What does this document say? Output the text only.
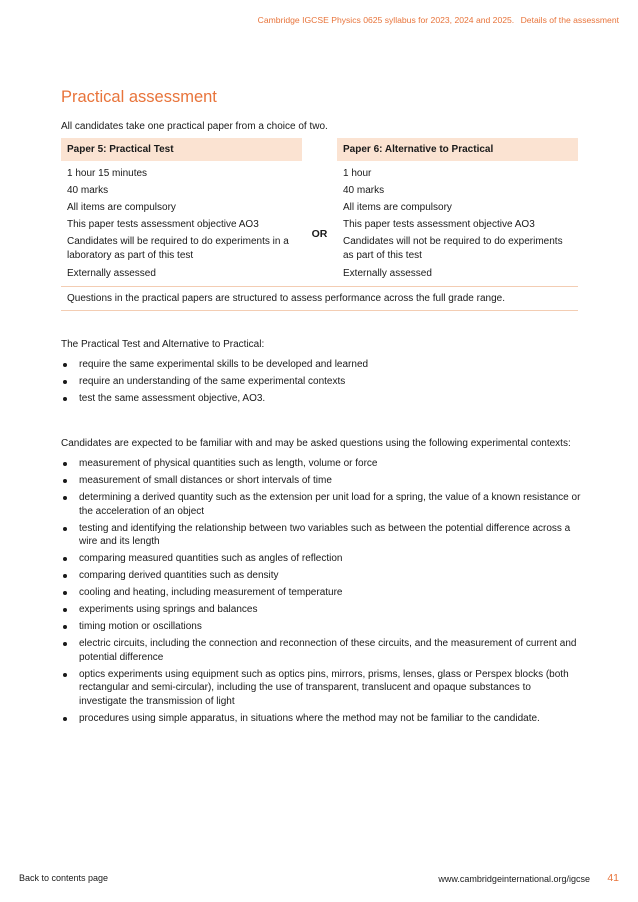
Cambridge IGCSE Physics 0625 syllabus for 2023, 2024 and 2025. Details of the assessment
Practical assessment
All candidates take one practical paper from a choice of two.
Paper 5: Practical Test	Paper 6: Alternative to Practical
1 hour 15 minutes
40 marks
All items are compulsory
This paper tests assessment objective AO3
Candidates will be required to do experiments in a laboratory as part of this test
Externally assessed
OR
1 hour
40 marks
All items are compulsory
This paper tests assessment objective AO3
Candidates will not be required to do experiments as part of this test
Externally assessed
Questions in the practical papers are structured to assess performance across the full grade range.
The Practical Test and Alternative to Practical:
require the same experimental skills to be developed and learned
require an understanding of the same experimental contexts
test the same assessment objective, AO3.
Candidates are expected to be familiar with and may be asked questions using the following experimental contexts:
measurement of physical quantities such as length, volume or force
measurement of small distances or short intervals of time
determining a derived quantity such as the extension per unit load for a spring, the value of a known resistance or the acceleration of an object
testing and identifying the relationship between two variables such as between the potential difference across a wire and its length
comparing measured quantities such as angles of reflection
comparing derived quantities such as density
cooling and heating, including measurement of temperature
experiments using springs and balances
timing motion or oscillations
electric circuits, including the connection and reconnection of these circuits, and the measurement of current and potential difference
optics experiments using equipment such as optics pins, mirrors, prisms, lenses, glass or Perspex blocks (both rectangular and semi-circular), including the use of transparent, translucent and opaque substances to investigate the transmission of light
procedures using simple apparatus, in situations where the method may not be familiar to the candidate.
Back to contents page	www.cambridgeinternational.org/igcse 41
